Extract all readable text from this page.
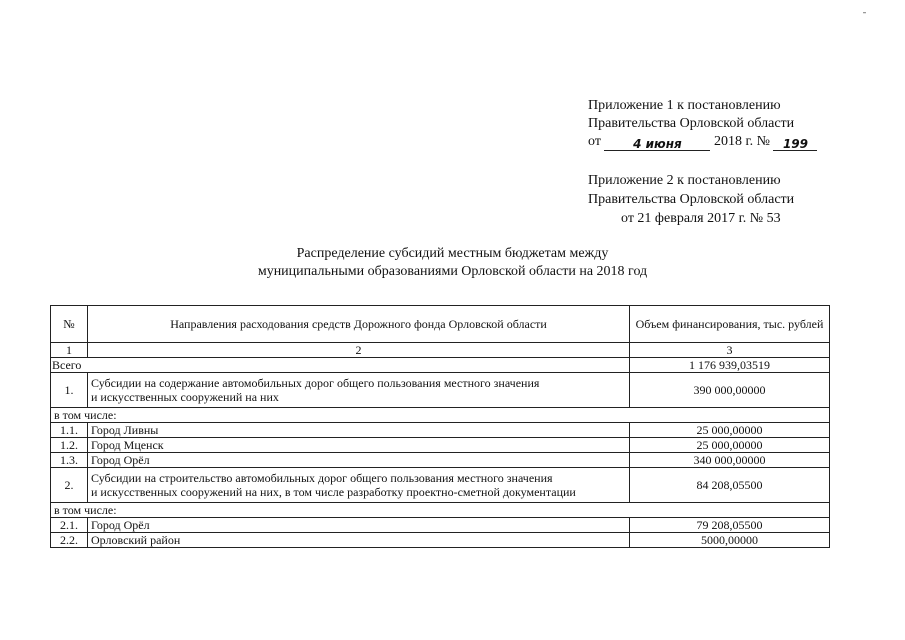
Приложение 1 к постановлению
Правительства Орловской области
от	4 июня 2018 г. № 199
Приложение 2 к постановлению
Правительства Орловской области
от 21 февраля 2017 г. № 53
Распределение субсидий местным бюджетам между
муниципальными образованиями Орловской области на 2018 год
№	Направления расходования средств Дорожного фонда Орловской области	Объем финансирования, тыс. рублей
1	2	3
Всего		1 176 939,03519
1.	Субсидии на содержание автомобильных дорог общего пользования местного значения
и искусственных сооружений на них	390 000,00000
в том числе:		
1.1.	Город Ливны	25 000,00000
1.2.	Город Мценск	25 000,00000
1.3.	Город Орёл	340 000,00000
2.	Субсидии на строительство автомобильных дорог общего пользования местного значения
и искусственных сооружений на них, в том числе разработку проектно-сметной документации	84 208,05500
в том числе:		
2.1.	Город Орёл	79 208,05500
2.2.	Орловский район	5000,00000
ˉ
